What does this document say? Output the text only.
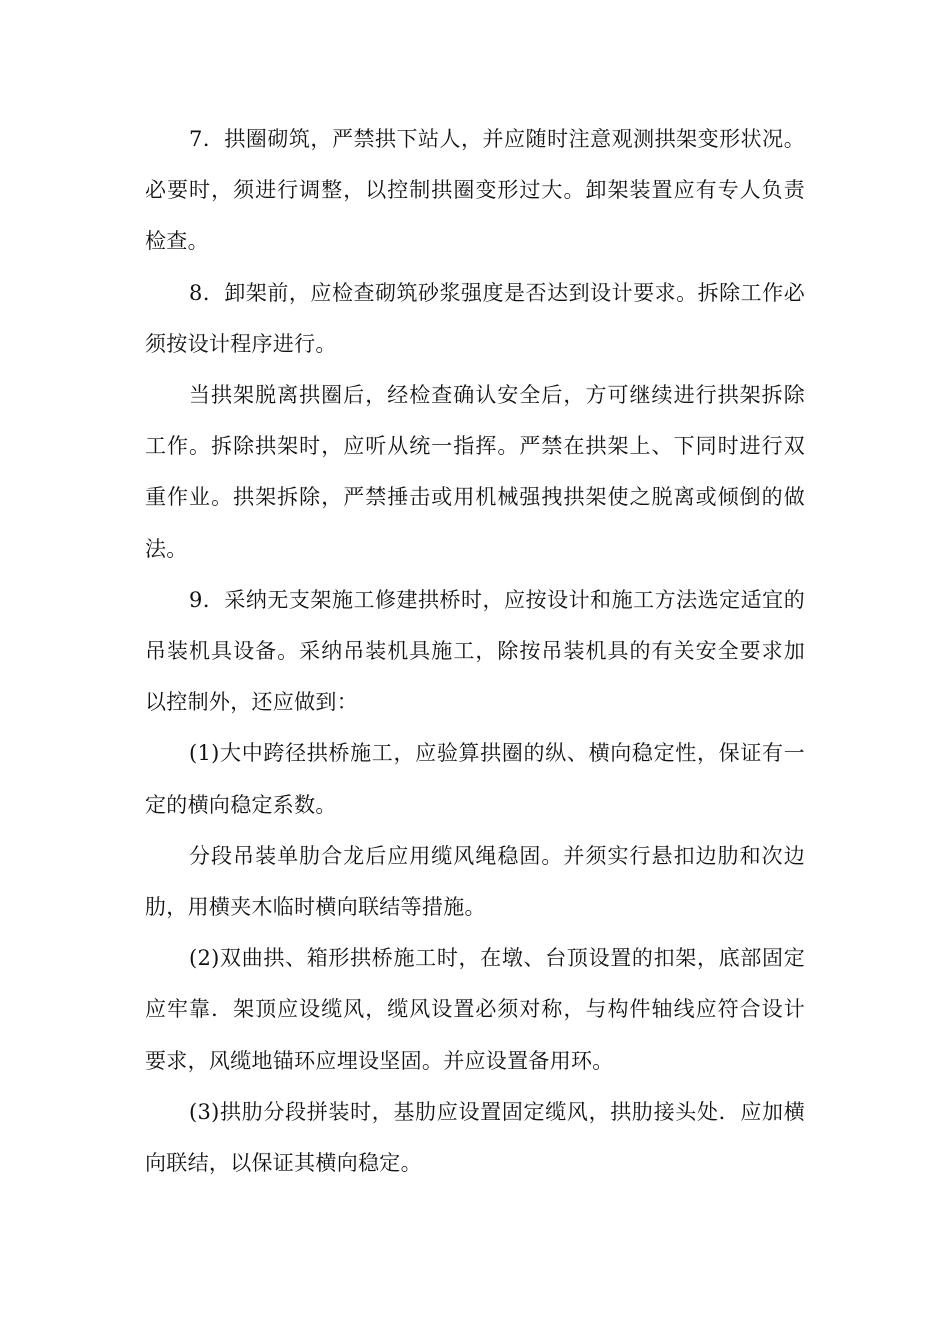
7．拱圈砌筑，严禁拱下站人，并应随时注意观测拱架变形状况。必要时，须进行调整，以控制拱圈变形过大。卸架装置应有专人负责检查。

8．卸架前，应检查砌筑砂浆强度是否达到设计要求。拆除工作必须按设计程序进行。

当拱架脱离拱圈后，经检查确认安全后，方可继续进行拱架拆除工作。拆除拱架时，应听从统一指挥。严禁在拱架上、下同时进行双重作业。拱架拆除，严禁捶击或用机械强拽拱架使之脱离或倾倒的做法。

9．采纳无支架施工修建拱桥时，应按设计和施工方法选定适宜的吊装机具设备。采纳吊装机具施工，除按吊装机具的有关安全要求加以控制外，还应做到：

(1)大中跨径拱桥施工，应验算拱圈的纵、横向稳定性，保证有一定的横向稳定系数。

分段吊装单肋合龙后应用缆风绳稳固。并须实行悬扣边肋和次边肋，用横夹木临时横向联结等措施。

(2)双曲拱、箱形拱桥施工时，在墩、台顶设置的扣架，底部固定应牢靠．架顶应设缆风，缆风设置必须对称，与构件轴线应符合设计要求，风缆地锚环应埋设坚固。并应设置备用环。

(3)拱肋分段拼装时，基肋应设置固定缆风，拱肋接头处．应加横向联结，以保证其横向稳定。
